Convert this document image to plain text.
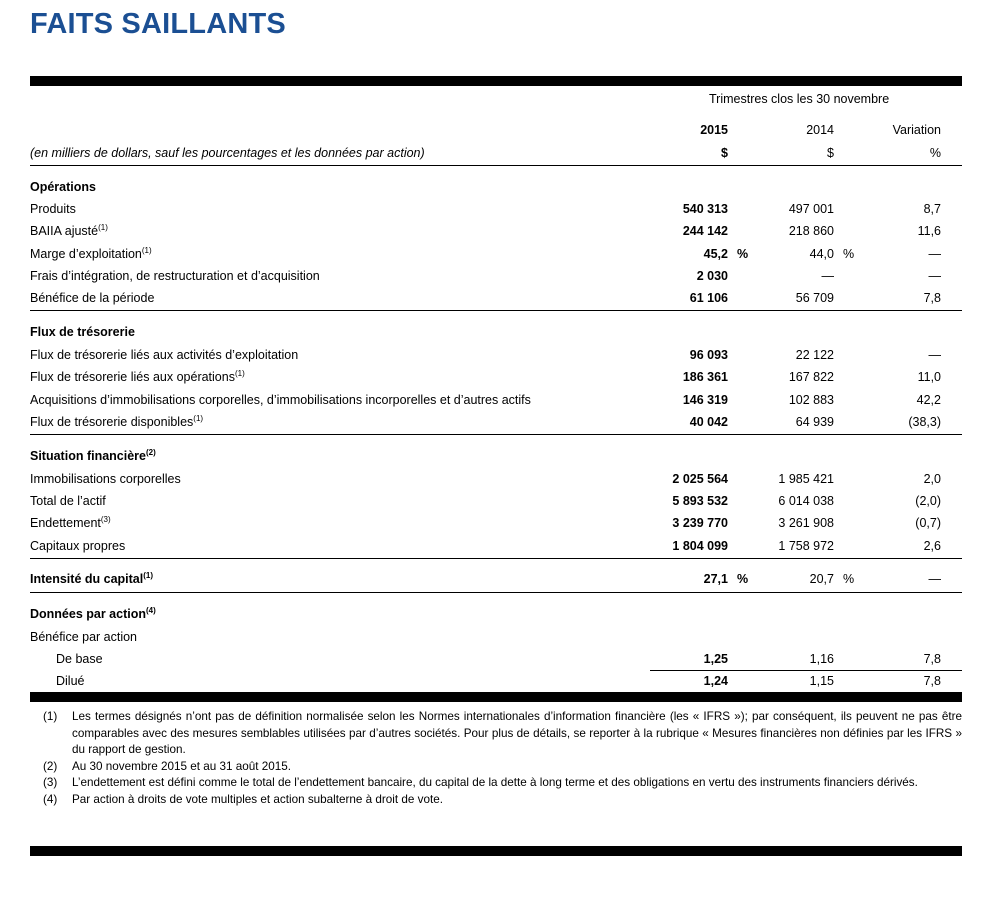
FAITS SAILLANTS
Trimestres clos les 30 novembre
2015	2014	Variation
(en milliers de dollars, sauf les pourcentages et les données par action)	$	$	%
Opérations
Produits	540 313	497 001	8,7
BAIIA ajusté$^{(1)}$	244 142	218 860	11,6
Marge d’exploitation$^{(1)}$	45,2 %	44,0 %	—
Frais d’intégration, de restructuration et d’acquisition	2 030	—	—
Bénéfice de la période	61 106	56 709	7,8
Flux de trésorerie
Flux de trésorerie liés aux activités d’exploitation	96 093	22 122	—
Flux de trésorerie liés aux opérations$^{(1)}$	186 361	167 822	11,0
Acquisitions d’immobilisations corporelles, d’immobilisations incorporelles et d’autres actifs	146 319	102 883	42,2
Flux de trésorerie disponibles$^{(1)}$	40 042	64 939	(38,3)
Situation financière$^{(2)}$
Immobilisations corporelles	2 025 564	1 985 421	2,0
Total de l’actif	5 893 532	6 014 038	(2,0)
Endettement$^{(3)}$	3 239 770	3 261 908	(0,7)
Capitaux propres	1 804 099	1 758 972	2,6
Intensité du capital$^{(1)}$	27,1 %	20,7 %	—
Données par action$^{(4)}$
Bénéfice par action
De base	1,25	1,16	7,8
Dilué	1,24	1,15	7,8
(1)	Les termes désignés n’ont pas de définition normalisée selon les Normes internationales d’information financière (les « IFRS »); par conséquent, ils peuvent ne pas être comparables avec des mesures semblables utilisées par d’autres sociétés. Pour plus de détails, se reporter à la rubrique « Mesures financières non définies par les IFRS » du rapport de gestion.
(2)	Au 30 novembre 2015 et au 31 août 2015.
(3)	L’endettement est défini comme le total de l’endettement bancaire, du capital de la dette à long terme et des obligations en vertu des instruments financiers dérivés.
(4)	Par action à droits de vote multiples et action subalterne à droit de vote.
